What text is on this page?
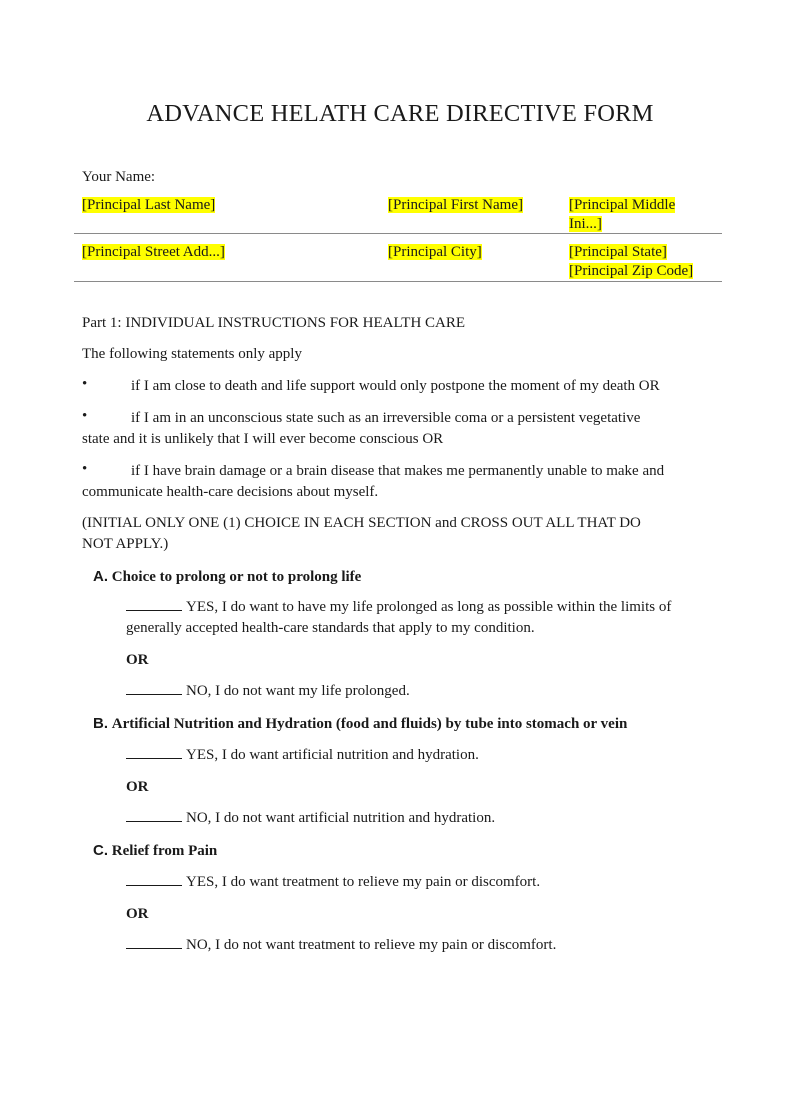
ADVANCE HELATH CARE DIRECTIVE FORM
Your Name:
[Principal Last Name]	[Principal First Name]	[Principal Middle
Ini...]
[Principal Street Add...]	[Principal City]	[Principal State]
[Principal Zip Code]
Part 1: INDIVIDUAL INSTRUCTIONS FOR HEALTH CARE
The following statements only apply
•	if I am close to death and life support would only postpone the moment of my death OR
•	if I am in an unconscious state such as an irreversible coma or a persistent vegetative
state and it is unlikely that I will ever become conscious OR
•	if I have brain damage or a brain disease that makes me permanently unable to make and
communicate health-care decisions about myself.
(INITIAL ONLY ONE (1) CHOICE IN EACH SECTION and CROSS OUT ALL THAT DO
NOT APPLY.)
A. Choice to prolong or not to prolong life
YES, I do want to have my life prolonged as long as possible within the limits of
generally accepted health-care standards that apply to my condition.
OR
NO, I do not want my life prolonged.
B. Artificial Nutrition and Hydration (food and fluids) by tube into stomach or vein
YES, I do want artificial nutrition and hydration.
OR
NO, I do not want artificial nutrition and hydration.
C. Relief from Pain
YES, I do want treatment to relieve my pain or discomfort.
OR
NO, I do not want treatment to relieve my pain or discomfort.
